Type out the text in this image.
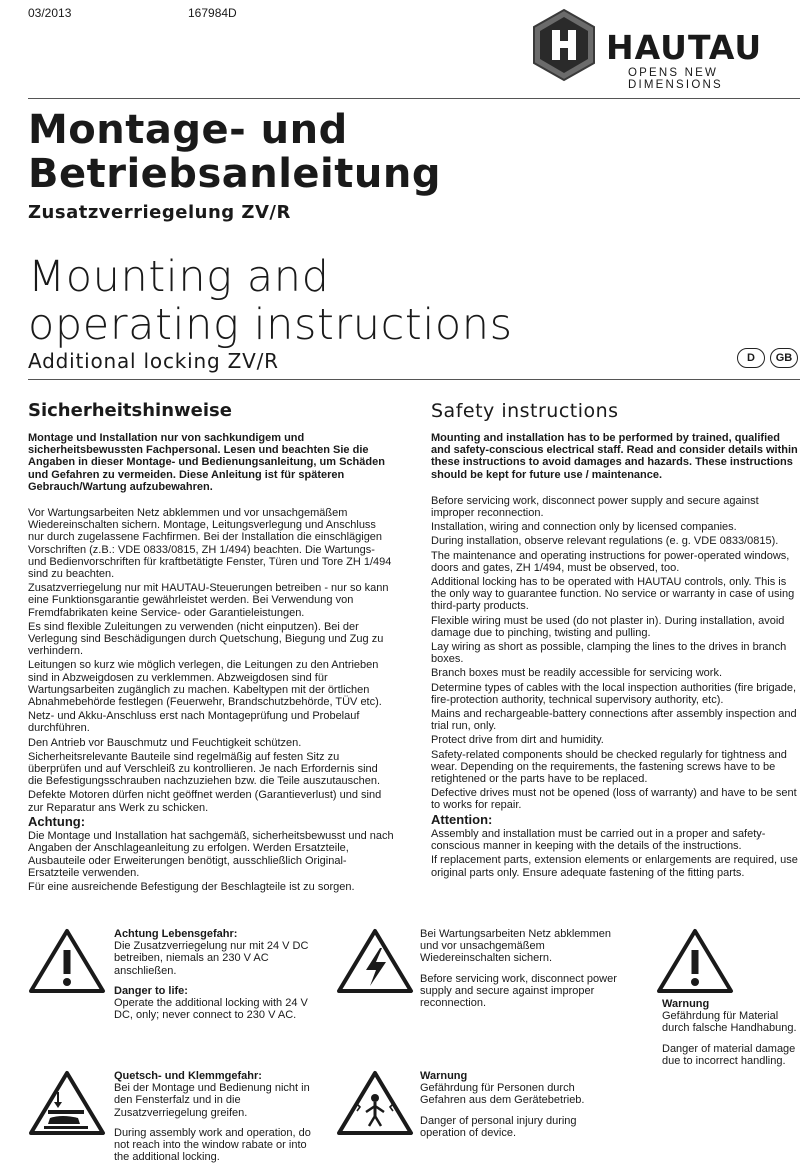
03/2013	167984D
HAUTAU
OPENS NEW DIMENSIONS
Montage- und
Betriebsanleitung
Zusatzverriegelung ZV/R
Mounting and
operating instructions
Additional locking ZV/R	D	GB
Sicherheitshinweise	Safety instructions

Montage und Installation nur von sachkundigem und sicherheitsbewussten Fachpersonal. Lesen und beachten Sie die Angaben in dieser Montage- und Bedienungsanleitung, um Schäden und Gefahren zu vermeiden. Diese Anleitung ist für späteren Gebrauch/Wartung aufzubewahren.

Vor Wartungsarbeiten Netz abklemmen und vor unsachgemäßem Wiedereinschalten sichern. Montage, Leitungsverlegung und Anschluss nur durch zugelassene Fachfirmen. Bei der Installation die einschlägigen Vorschriften (z.B.: VDE 0833/0815, ZH 1/494) beachten. Die Wartungs- und Bedienvorschriften für kraftbetätigte Fenster, Türen und Tore ZH 1/494 sind zu beachten.

Zusatzverriegelung nur mit HAUTAU-Steuerungen betreiben - nur so kann eine Funktionsgarantie gewährleistet werden. Bei Verwendung von Fremdfabrikaten keine Service- oder Garantieleistungen.

Es sind flexible Zuleitungen zu verwenden (nicht einputzen). Bei der Verlegung sind Beschädigungen durch Quetschung, Biegung und Zug zu verhindern.

Leitungen so kurz wie möglich verlegen, die Leitungen zu den Antrieben sind in Abzweigdosen zu verklemmen. Abzweigdosen sind für Wartungsarbeiten zugänglich zu machen. Kabeltypen mit der örtlichen Abnahmebehörde festlegen (Feuerwehr, Brandschutzbehörde, TÜV etc).

Netz- und Akku-Anschluss erst nach Montageprüfung und Probelauf durchführen.

Den Antrieb vor Bauschmutz und Feuchtigkeit schützen.

Sicherheitsrelevante Bauteile sind regelmäßig auf festen Sitz zu überprüfen und auf Verschleiß zu kontrollieren. Je nach Erfordernis sind die Befestigungsschrauben nachzuziehen bzw. die Teile auszutauschen.

Defekte Motoren dürfen nicht geöffnet werden (Garantieverlust) und sind zur Reparatur ans Werk zu schicken.

Achtung:

Die Montage und Installation hat sachgemäß, sicherheitsbewusst und nach Angaben der Anschlageanleitung zu erfolgen. Werden Ersatzteile, Ausbauteile oder Erweiterungen benötigt, ausschließlich Original-Ersatzteile verwenden.

Für eine ausreichende Befestigung der Beschlagteile ist zu sorgen.

Mounting and installation has to be performed by trained, qualified and safety-conscious electrical staff. Read and consider details within these instructions to avoid damages and hazards. These instructions should be kept for future use / maintenance.

Before servicing work, disconnect power supply and secure against improper reconnection.

Installation, wiring and connection only by licensed companies.

During installation, observe relevant regulations (e. g. VDE 0833/0815).

The maintenance and operating instructions for power-operated windows, doors and gates, ZH 1/494, must be observed, too.

Additional locking has to be operated with HAUTAU controls, only. This is the only way to guarantee function. No service or warranty in case of using third-party products.

Flexible wiring must be used (do not plaster in). During installation, avoid damage due to pinching, twisting and pulling.

Lay wiring as short as possible, clamping the lines to the drives in branch boxes.

Branch boxes must be readily accessible for servicing work.

Determine types of cables with the local inspection authorities (fire brigade, fire-protection authority, technical supervisory authority, etc).

Mains and rechargeable-battery connections after assembly inspection and trial run, only.

Protect drive from dirt and humidity.

Safety-related components should be checked regularly for tightness and wear. Depending on the requirements, the fastening screws have to be retightened or the parts have to be replaced.

Defective drives must not be opened (loss of warranty) and have to be sent to works for repair.

Attention:

Assembly and installation must be carried out in a proper and safety-conscious manner in keeping with the details of the instructions.

If replacement parts, extension elements or enlargements are required, use original parts only. Ensure adequate fastening of the fitting parts.

Achtung Lebensgefahr:

Die Zusatzverriegelung nur mit 24 V DC betreiben, niemals an 230 V AC anschließen.

Danger to life:

Operate the additional locking with 24 V DC, only; never connect to 230 V AC.

Bei Wartungsarbeiten Netz abklemmen und vor unsachgemäßem Wiedereinschalten sichern.

Before servicing work, disconnect power supply and secure against improper reconnection.	Warnung

Gefährdung für Material durch falsche Handhabung.

Danger of material damage due to incorrect handling.

Quetsch- und Klemmgefahr:

Bei der Montage und Bedienung nicht in den Fensterfalz und in die Zusatzverriegelung greifen.

During assembly work and operation, do not reach into the window rabate or into the additional locking.

Warnung

Gefährdung für Personen durch Gefahren aus dem Gerätebetrieb.

Danger of personal injury during operation of device.
